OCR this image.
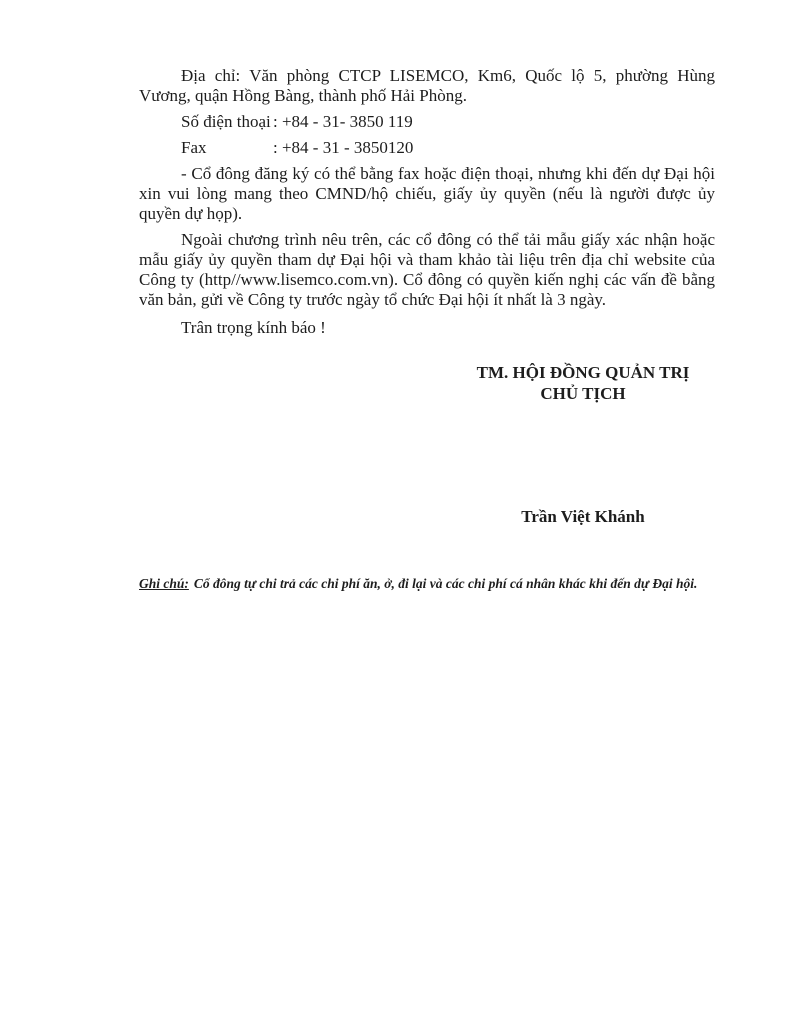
Địa chỉ: Văn phòng CTCP LISEMCO, Km6, Quốc lộ 5, phường Hùng Vương, quận Hồng Bàng, thành phố Hải Phòng.

Số điện thoại : +84 - 31- 3850 119
Fax	: +84 - 31 - 3850120

- Cổ đông đăng ký có thể bằng fax hoặc điện thoại, nhưng khi đến dự Đại hội xin vui lòng mang theo CMND/hộ chiếu, giấy ủy quyền (nếu là người được ủy quyền dự họp).

Ngoài chương trình nêu trên, các cổ đông có thể tải mẫu giấy xác nhận hoặc mẫu giấy ủy quyền tham dự Đại hội và tham khảo tài liệu trên địa chỉ website của Công ty (http//www.lisemco.com.vn). Cổ đông có quyền kiến nghị các vấn đề bằng văn bản, gửi về Công ty trước ngày tổ chức Đại hội ít nhất là 3 ngày.

Trân trọng kính báo !

TM. HỘI ĐỒNG QUẢN TRỊ
CHỦ TỊCH
Trần Việt Khánh
Ghi chú: Cổ đông tự chi trả các chi phí ăn, ở, đi lại và các chi phí cá nhân khác khi đến dự Đại hội.
